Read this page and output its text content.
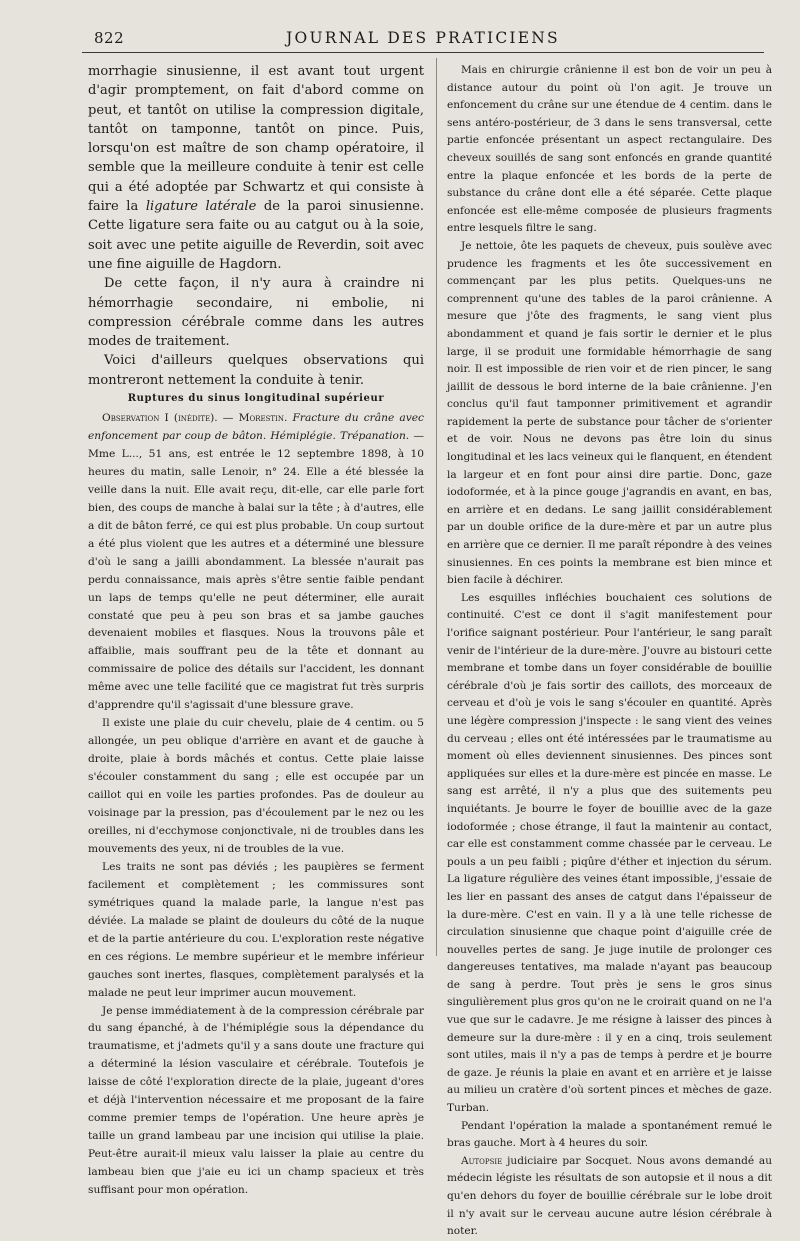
822	JOURNAL DES PRATICIENS

morrhagie sinusienne, il est avant tout urgent d'agir promptement, on fait d'abord comme on peut, et tantôt on utilise la compression digitale, tantôt on tamponne, tantôt on pince. Puis, lorsqu'on est maître de son champ opératoire, il semble que la meilleure conduite à tenir est celle qui a été adoptée par Schwartz et qui consiste à faire la ligature latérale de la paroi sinusienne. Cette ligature sera faite ou au catgut ou à la soie, soit avec une petite aiguille de Reverdin, soit avec une fine aiguille de Hagdorn.

De cette façon, il n'y aura à craindre ni hémorrhagie secondaire, ni embolie, ni compression cérébrale comme dans les autres modes de traitement.

Voici d'ailleurs quelques observations qui montreront nettement la conduite à tenir.

Ruptures du sinus longitudinal supérieur

Observation I (inédite). — Morestin. Fracture du crâne avec enfoncement par coup de bâton. Hémiplégie. Trépanation. — Mme L..., 51 ans, est entrée le 12 septembre 1898, à 10 heures du matin, salle Lenoir, n° 24. Elle a été blessée la veille dans la nuit. Elle avait reçu, dit-elle, car elle parle fort bien, des coups de manche à balai sur la tête ; à d'autres, elle a dit de bâton ferré, ce qui est plus probable. Un coup surtout a été plus violent que les autres et a déterminé une blessure d'où le sang a jailli abondamment. La blessée n'aurait pas perdu connaissance, mais après s'être sentie faible pendant un laps de temps qu'elle ne peut déterminer, elle aurait constaté que peu à peu son bras et sa jambe gauches devenaient mobiles et flasques. Nous la trouvons pâle et affaiblie, mais souffrant peu de la tête et donnant au commissaire de police des détails sur l'accident, les donnant même avec une telle facilité que ce magistrat fut très surpris d'apprendre qu'il s'agissait d'une blessure grave.

Il existe une plaie du cuir chevelu, plaie de 4 centim. ou 5 allongée, un peu oblique d'arrière en avant et de gauche à droite, plaie à bords mâchés et contus. Cette plaie laisse s'écouler constamment du sang ; elle est occupée par un caillot qui en voile les parties profondes. Pas de douleur au voisinage par la pression, pas d'écoulement par le nez ou les oreilles, ni d'ecchymose conjonctivale, ni de troubles dans les mouvements des yeux, ni de troubles de la vue.

Les traits ne sont pas déviés ; les paupières se ferment facilement et complètement ; les commissures sont symétriques quand la malade parle, la langue n'est pas déviée. La malade se plaint de douleurs du côté de la nuque et de la partie antérieure du cou. L'exploration reste négative en ces régions. Le membre supérieur et le membre inférieur gauches sont inertes, flasques, complètement paralysés et la malade ne peut leur imprimer aucun mouvement.

Je pense immédiatement à de la compression cérébrale par du sang épanché, à de l'hémiplégie sous la dépendance du traumatisme, et j'admets qu'il y a sans doute une fracture qui a déterminé la lésion vasculaire et cérébrale. Toutefois je laisse de côté l'exploration directe de la plaie, jugeant d'ores et déjà l'intervention nécessaire et me proposant de la faire comme premier temps de l'opération. Une heure après je taille un grand lambeau par une incision qui utilise la plaie. Peut-être aurait-il mieux valu laisser la plaie au centre du lambeau bien que j'aie eu ici un champ spacieux et très suffisant pour mon opération.

Mais en chirurgie crânienne il est bon de voir un peu à distance autour du point où l'on agit. Je trouve un enfoncement du crâne sur une étendue de 4 centim. dans le sens antéro-postérieur, de 3 dans le sens transversal, cette partie enfoncée présentant un aspect rectangulaire. Des cheveux souillés de sang sont enfoncés en grande quantité entre la plaque enfoncée et les bords de la perte de substance du crâne dont elle a été séparée. Cette plaque enfoncée est elle-même composée de plusieurs fragments entre lesquels filtre le sang.

Je nettoie, ôte les paquets de cheveux, puis soulève avec prudence les fragments et les ôte successivement en commençant par les plus petits. Quelques-uns ne comprennent qu'une des tables de la paroi crânienne. A mesure que j'ôte des fragments, le sang vient plus abondamment et quand je fais sortir le dernier et le plus large, il se produit une formidable hémorrhagie de sang noir. Il est impossible de rien voir et de rien pincer, le sang jaillit de dessous le bord interne de la baie crânienne. J'en conclus qu'il faut tamponner primitivement et agrandir rapidement la perte de substance pour tâcher de s'orienter et de voir. Nous ne devons pas être loin du sinus longitudinal et les lacs veineux qui le flanquent, en étendent la largeur et en font pour ainsi dire partie. Donc, gaze iodoformée, et à la pince gouge j'agrandis en avant, en bas, en arrière et en dedans. Le sang jaillit considérablement par un double orifice de la dure-mère et par un autre plus en arrière que ce dernier. Il me paraît répondre à des veines sinusiennes. En ces points la membrane est bien mince et bien facile à déchirer.

Les esquilles infléchies bouchaient ces solutions de continuité. C'est ce dont il s'agit manifestement pour l'orifice saignant postérieur. Pour l'antérieur, le sang paraît venir de l'intérieur de la dure-mère. J'ouvre au bistouri cette membrane et tombe dans un foyer considérable de bouillie cérébrale d'où je fais sortir des caillots, des morceaux de cerveau et d'où je vois le sang s'écouler en quantité. Après une légère compression j'inspecte : le sang vient des veines du cerveau ; elles ont été intéressées par le traumatisme au moment où elles deviennent sinusiennes. Des pinces sont appliquées sur elles et la dure-mère est pincée en masse. Le sang est arrêté, il n'y a plus que des suitements peu inquiétants. Je bourre le foyer de bouillie avec de la gaze iodoformée ; chose étrange, il faut la maintenir au contact, car elle est constamment comme chassée par le cerveau. Le pouls a un peu faibli ; piqûre d'éther et injection du sérum. La ligature régulière des veines étant impossible, j'essaie de les lier en passant des anses de catgut dans l'épaisseur de la dure-mère. C'est en vain. Il y a là une telle richesse de circulation sinusienne que chaque point d'aiguille crée de nouvelles pertes de sang. Je juge inutile de prolonger ces dangereuses tentatives, ma malade n'ayant pas beaucoup de sang à perdre. Tout près je sens le gros sinus singulièrement plus gros qu'on ne le croirait quand on ne l'a vue que sur le cadavre. Je me résigne à laisser des pinces à demeure sur la dure-mère : il y en a cinq, trois seulement sont utiles, mais il n'y a pas de temps à perdre et je bourre de gaze. Je réunis la plaie en avant et en arrière et je laisse au milieu un cratère d'où sortent pinces et mèches de gaze. Turban.

Pendant l'opération la malade a spontanément remué le bras gauche. Mort à 4 heures du soir.

Autopsie judiciaire par Socquet. Nous avons demandé au médecin légiste les résultats de son autopsie et il nous a dit qu'en dehors du foyer de bouillie cérébrale sur le lobe droit il n'y avait sur le cerveau aucune autre lésion cérébrale à noter.
